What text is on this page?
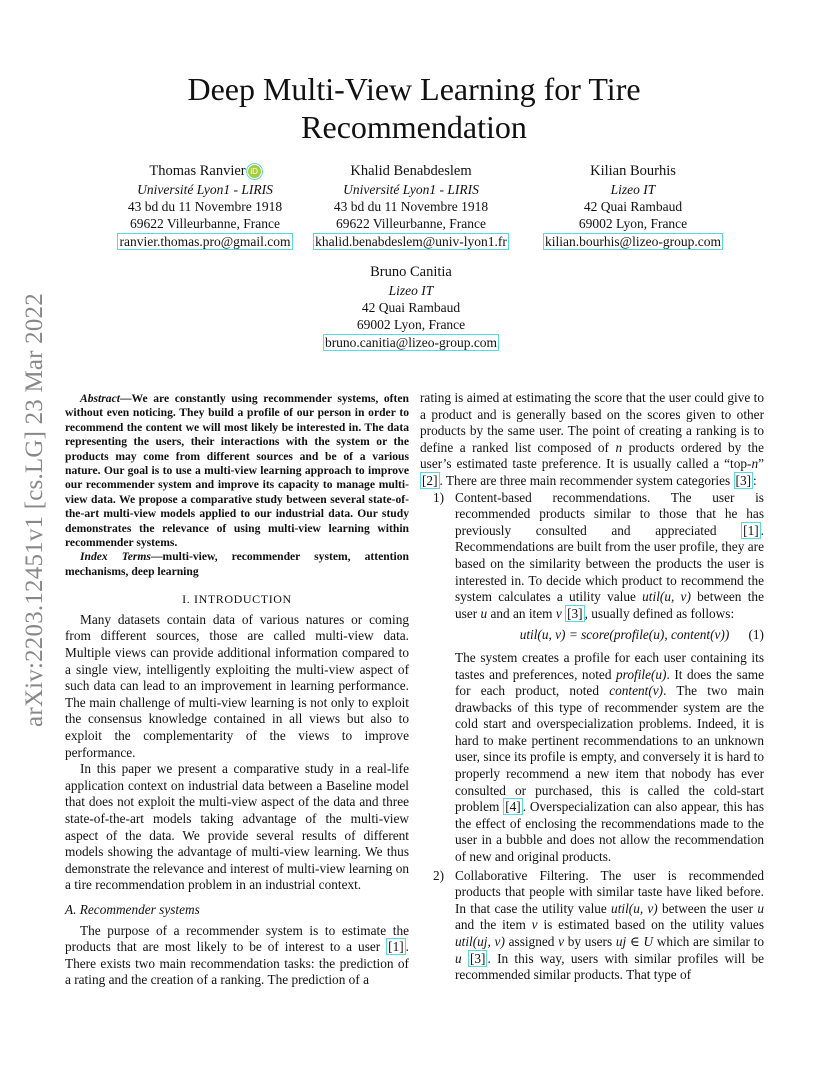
arXiv:2203.12451v1 [cs.LG] 23 Mar 2022
Deep Multi-View Learning for Tire Recommendation
Thomas Ranvier iD
Université Lyon1 - LIRIS
43 bd du 11 Novembre 1918
69622 Villeurbanne, France
ranvier.thomas.pro@gmail.com
Khalid Benabdeslem
Université Lyon1 - LIRIS
43 bd du 11 Novembre 1918
69622 Villeurbanne, France
khalid.benabdeslem@univ-lyon1.fr
Kilian Bourhis
Lizeo IT
42 Quai Rambaud
69002 Lyon, France
kilian.bourhis@lizeo-group.com
Bruno Canitia
Lizeo IT
42 Quai Rambaud
69002 Lyon, France
bruno.canitia@lizeo-group.com

Abstract—We are constantly using recommender systems, often without even noticing. They build a profile of our person in order to recommend the content we will most likely be interested in. The data representing the users, their interactions with the system or the products may come from different sources and be of a various nature. Our goal is to use a multi-view learning approach to improve our recommender system and improve its capacity to manage multi-view data. We propose a comparative study between several state-of-the-art multi-view models applied to our industrial data. Our study demonstrates the relevance of using multi-view learning within recommender systems.

Index Terms—multi-view, recommender system, attention mechanisms, deep learning

I. INTRODUCTION

Many datasets contain data of various natures or coming from different sources, those are called multi-view data. Multiple views can provide additional information compared to a single view, intelligently exploiting the multi-view aspect of such data can lead to an improvement in learning performance. The main challenge of multi-view learning is not only to exploit the consensus knowledge contained in all views but also to exploit the complementarity of the views to improve performance.

In this paper we present a comparative study in a real-life application context on industrial data between a Baseline model that does not exploit the multi-view aspect of the data and three state-of-the-art models taking advantage of the multi-view aspect of the data. We provide several results of different models showing the advantage of multi-view learning. We thus demonstrate the relevance and interest of multi-view learning on a tire recommendation problem in an industrial context.

A. Recommender systems

The purpose of a recommender system is to estimate the products that are most likely to be of interest to a user [1] . There exists two main recommendation tasks: the prediction of a rating and the creation of a ranking. The prediction of a

rating is aimed at estimating the score that the user could give to a product and is generally based on the scores given to other products by the same user. The point of creating a ranking is to define a ranked list composed of n products ordered by the user’s estimated taste preference. It is usually called a “top-n” [2] . There are three main recommender system categories [3] :

1) Content-based recommendations. The user is recommended products similar to those that he has previously consulted and appreciated [1] . Recommendations are built from the user profile, they are based on the similarity between the products the user is interested in. To decide which product to recommend the system calculates a utility value util(u, v) between the user u and an item v [3] , usually defined as follows:
util(u, v) = score(profile(u), content(v)) (1)
The system creates a profile for each user containing its tastes and preferences, noted profile(u). It does the same for each product, noted content(v). The two main drawbacks of this type of recommender system are the cold start and overspecialization problems. Indeed, it is hard to make pertinent recommendations to an unknown user, since its profile is empty, and conversely it is hard to properly recommend a new item that nobody has ever consulted or purchased, this is called the cold-start problem [4] . Overspecialization can also appear, this has the effect of enclosing the recommendations made to the user in a bubble and does not allow the recommendation of new and original products.
2) Collaborative Filtering. The user is recommended products that people with similar taste have liked before. In that case the utility value util(u, v) between the user u and the item v is estimated based on the utility values util(uj, v) assigned v by users uj ∈ U which are similar to u [3] . In this way, users with similar profiles will be recommended similar products. That type of
